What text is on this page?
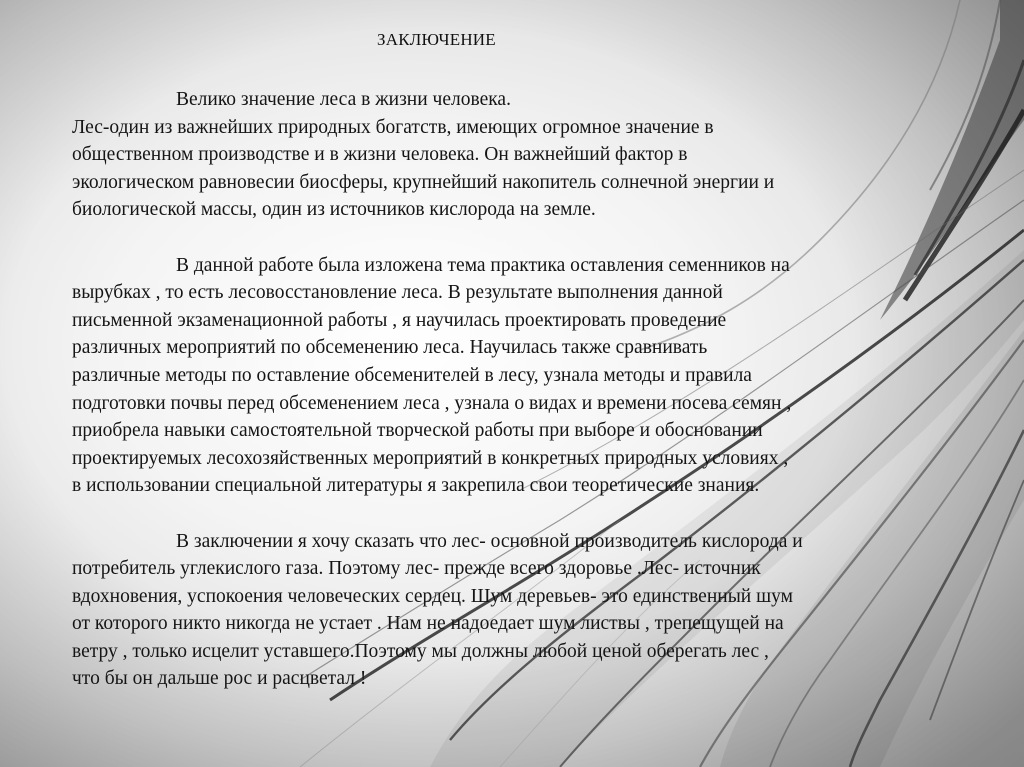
ЗАКЛЮЧЕНИЕ

Велико значение леса в жизни человека.
Лес-один из важнейших природных богатств, имеющих огромное значение в
общественном производстве и в жизни человека. Он важнейший фактор в
экологическом равновесии биосферы, крупнейший накопитель солнечной энергии и
биологической массы, один из источников кислорода на земле.

В данной работе была изложена тема практика оставления семенников на
вырубках , то есть лесовосстановление леса. В результате выполнения данной
письменной экзаменационной работы , я научилась проектировать проведение
различных мероприятий по обсеменению леса. Научилась также сравнивать
различные методы по оставление обсеменителей в лесу, узнала методы и правила
подготовки почвы перед обсеменением леса , узнала о видах и времени посева семян ,
приобрела навыки самостоятельной творческой работы при выборе и обосновании
проектируемых лесохозяйственных мероприятий в конкретных природных условиях ,
в использовании специальной литературы я закрепила свои теоретические знания.

В заключении я хочу сказать что лес- основной производитель кислорода и
потребитель углекислого газа. Поэтому лес- прежде всего здоровье .Лес- источник
вдохновения, успокоения человеческих сердец. Шум деревьев- это единственный шум
от которого никто никогда не устает . Нам не надоедает шум листвы , трепещущей на
ветру , только исцелит уставшего.Поэтому мы должны любой ценой оберегать лес ,
что бы он дальше рос и расцветал !
